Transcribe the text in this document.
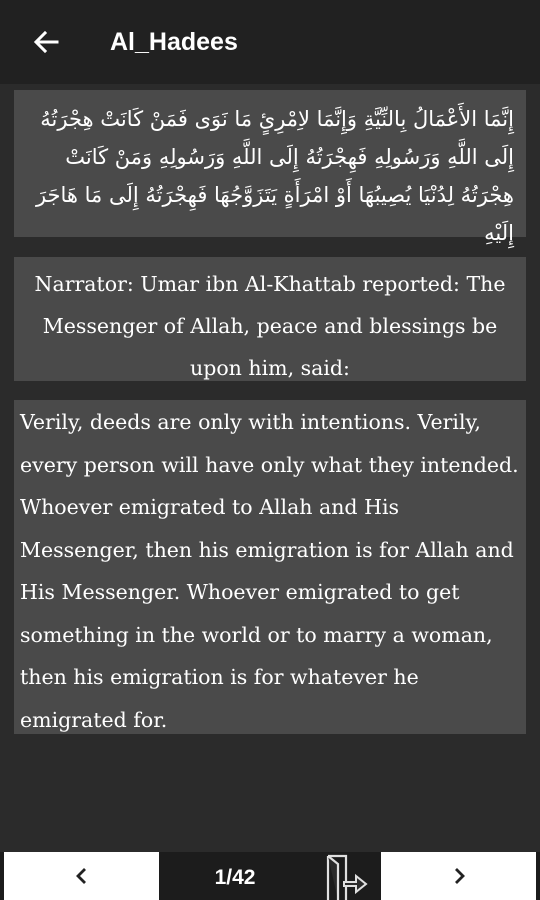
Al_Hadees
إِنَّمَا الأَعْمَالُ بِالنِّيَّةِ وَإِنَّمَا لاِمْرِئٍ مَا نَوَى فَمَنْ كَانَتْ هِجْرَتُهُ إِلَى اللَّهِ وَرَسُولِهِ فَهِجْرَتُهُ إِلَى اللَّهِ وَرَسُولِهِ وَمَنْ كَانَتْ هِجْرَتُهُ لِدُنْيَا يُصِيبُهَا أَوْ امْرَأَةٍ يَتَزَوَّجُهَا فَهِجْرَتُهُ إِلَى مَا هَاجَرَ إِلَيْهِ
Narrator: Umar ibn Al-Khattab reported: The Messenger of Allah, peace and blessings be upon him, said:
Verily, deeds are only with intentions. Verily, every person will have only what they intended. Whoever emigrated to Allah and His Messenger, then his emigration is for Allah and His Messenger. Whoever emigrated to get something in the world or to marry a woman, then his emigration is for whatever he emigrated for.
1/42
